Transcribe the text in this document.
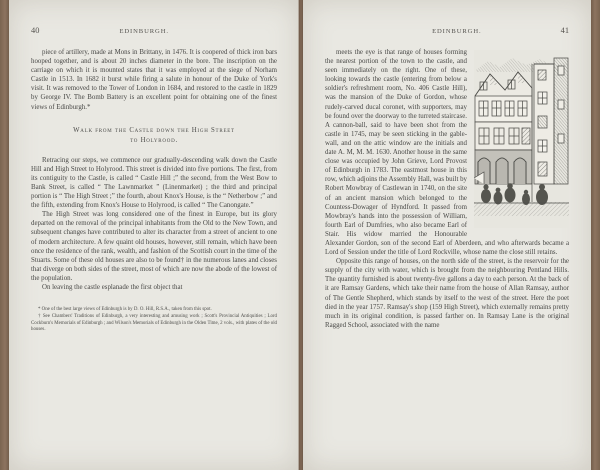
40	EDINBURGH.

piece of artillery, made at Mons in Brittany, in 1476. It is coopered of thick iron bars hooped together, and is about 20 inches diameter in the bore. The inscription on the carriage on which it is mounted states that it was employed at the siege of Norham Castle in 1513. In 1682 it burst while firing a salute in honour of the Duke of York's visit. It was removed to the Tower of London in 1684, and restored to the castle in 1829 by George IV. The Bomb Battery is an excellent point for obtaining one of the finest views of Edinburgh.*

Walk from the Castle down the High Street
to Holyrood.

Retracing our steps, we commence our gradually-descending walk down the Castle Hill and High Street to Holyrood. This street is divided into five portions. The first, from its contiguity to the Castle, is called “ Castle Hill ;” the second, from the West Bow to Bank Street, is called “ The Lawnmarket ” (Linenmarket) ; the third and principal portion is “ The High Street ;” the fourth, about Knox's House, is the “ Netherbow ;” and the fifth, extending from Knox's House to Holyrood, is called “ The Canongate.”

The High Street was long considered one of the finest in Europe, but its glory departed on the removal of the principal inhabitants from the Old to the New Town, and subsequent changes have contributed to alter its character from a street of ancient to one of modern architecture. A few quaint old houses, however, still remain, which have been once the residence of the rank, wealth, and fashion of the Scottish court in the time of the Stuarts. Some of these old houses are also to be found† in the numerous lanes and closes that diverge on both sides of the street, most of which are now the abode of the lowest of the population.

On leaving the castle esplanade the first object that

* One of the best large views of Edinburgh is by D. O. Hill, R.S.A., taken from this spot.

† See Chambers' Traditions of Edinburgh, a very interesting and amusing work ; Scott's Provincial Antiquities ; Lord Cockburn's Memorials of Edinburgh ; and Wilson's Memorials of Edinburgh in the Olden Time, 2 vols., with plates of the old houses.

EDINBURGH.	41

meets the eye is that range of houses forming the nearest portion of the town to the castle, and seen immediately on the right. One of these, looking towards the castle (entering from below a soldier's refreshment room, No. 406 Castle Hill), was the mansion of the Duke of Gordon, whose rudely-carved ducal coronet, with supporters, may be found over the doorway to the turreted staircase. A cannon-ball, said to have been shot from the castle in 1745, may be seen sticking in the gable-wall, and on the attic window are the initials and date A. M, M. M. 1630. Another house in the same close was occupied by John Grieve, Lord Provost of Edinburgh in 1783. The eastmost house in this row, which adjoins the Assembly Hall, was built by Robert Mowbray of Castlewan in 1740, on the site of an ancient mansion which belonged to the Countess-Dowager of Hyndford. It passed from Mowbray's hands into the possession of William, fourth Earl of Dumfries, who also became Earl of Stair. His widow married the Honourable Alexander Gordon, son of the second Earl of Aberdeen, and who afterwards became a Lord of Session under the title of Lord Rockville, whose name the close still retains.

Opposite this range of houses, on the north side of the street, is the reservoir for the supply of the city with water, which is brought from the neighbouring Pentland Hills. The quantity furnished is about twenty-five gallons a day to each person. At the back of it are Ramsay Gardens, which take their name from the house of Allan Ramsay, author of The Gentle Shepherd, which stands by itself to the west of the street. Here the poet died in the year 1757. Ramsay's shop (159 High Street), which externally remains pretty much in its original condition, is passed farther on. In Ramsay Lane is the original Ragged School, associated with the name
